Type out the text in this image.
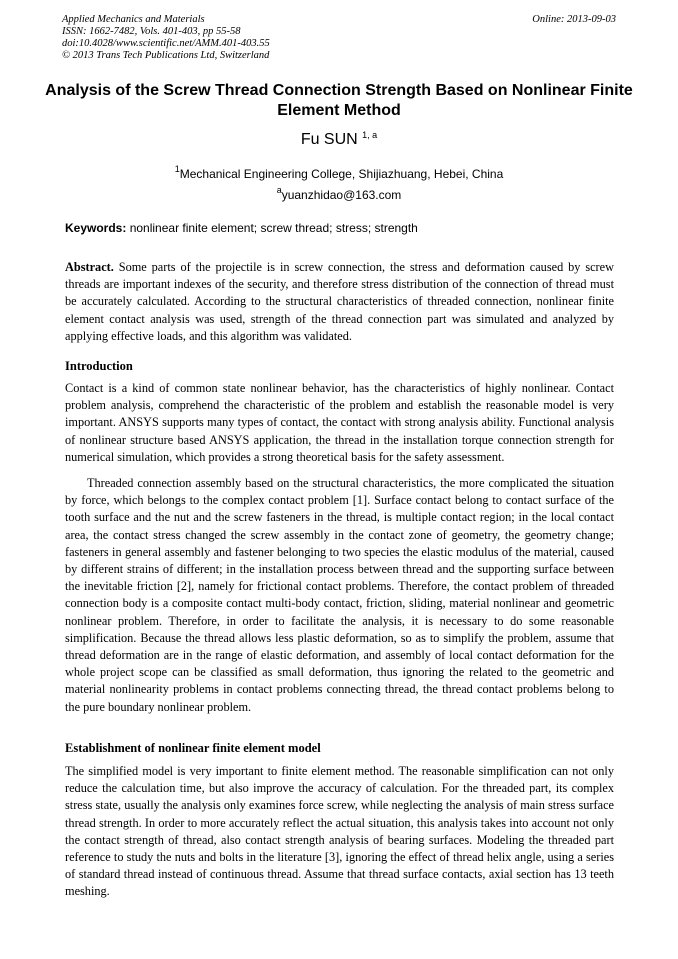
Applied Mechanics and Materials
ISSN: 1662-7482, Vols. 401-403, pp 55-58
doi:10.4028/www.scientific.net/AMM.401-403.55
© 2013 Trans Tech Publications Ltd, Switzerland
Online: 2013-09-03
Analysis of the Screw Thread Connection Strength Based on Nonlinear Finite Element Method
Fu SUN $^{1, a}$
$^1$Mechanical Engineering College, Shijiazhuang, Hebei, China
$^a$yuanzhidao@163.com
Keywords: nonlinear finite element; screw thread; stress; strength
Abstract. Some parts of the projectile is in screw connection, the stress and deformation caused by screw threads are important indexes of the security, and therefore stress distribution of the connection of thread must be accurately calculated. According to the structural characteristics of threaded connection, nonlinear finite element contact analysis was used, strength of the thread connection part was simulated and analyzed by applying effective loads, and this algorithm was validated.
Introduction

Contact is a kind of common state nonlinear behavior, has the characteristics of highly nonlinear. Contact problem analysis, comprehend the characteristic of the problem and establish the reasonable model is very important. ANSYS supports many types of contact, the contact with strong analysis ability. Functional analysis of nonlinear structure based ANSYS application, the thread in the installation torque connection strength for numerical simulation, which provides a strong theoretical basis for the safety assessment.

Threaded connection assembly based on the structural characteristics, the more complicated the situation by force, which belongs to the complex contact problem [1]. Surface contact belong to contact surface of the tooth surface and the nut and the screw fasteners in the thread, is multiple contact region; in the local contact area, the contact stress changed the screw assembly in the contact zone of geometry, the geometry change; fasteners in general assembly and fastener belonging to two species the elastic modulus of the material, caused by different strains of different; in the installation process between thread and the supporting surface between the inevitable friction [2], namely for frictional contact problems. Therefore, the contact problem of threaded connection body is a composite contact multi-body contact, friction, sliding, material nonlinear and geometric nonlinear problem. Therefore, in order to facilitate the analysis, it is necessary to do some reasonable simplification. Because the thread allows less plastic deformation, so as to simplify the problem, assume that thread deformation are in the range of elastic deformation, and assembly of local contact deformation for the whole project scope can be classified as small deformation, thus ignoring the related to the geometric and material nonlinearity problems in contact problems connecting thread, the thread contact problems belong to the pure boundary nonlinear problem.

Establishment of nonlinear finite element model

The simplified model is very important to finite element method. The reasonable simplification can not only reduce the calculation time, but also improve the accuracy of calculation. For the threaded part, its complex stress state, usually the analysis only examines force screw, while neglecting the analysis of main stress surface thread strength. In order to more accurately reflect the actual situation, this analysis takes into account not only the contact strength of thread, also contact strength analysis of bearing surfaces. Modeling the threaded part reference to study the nuts and bolts in the literature [3], ignoring the effect of thread helix angle, using a series of standard thread instead of continuous thread. Assume that thread surface contacts, axial section has 13 teeth meshing.
